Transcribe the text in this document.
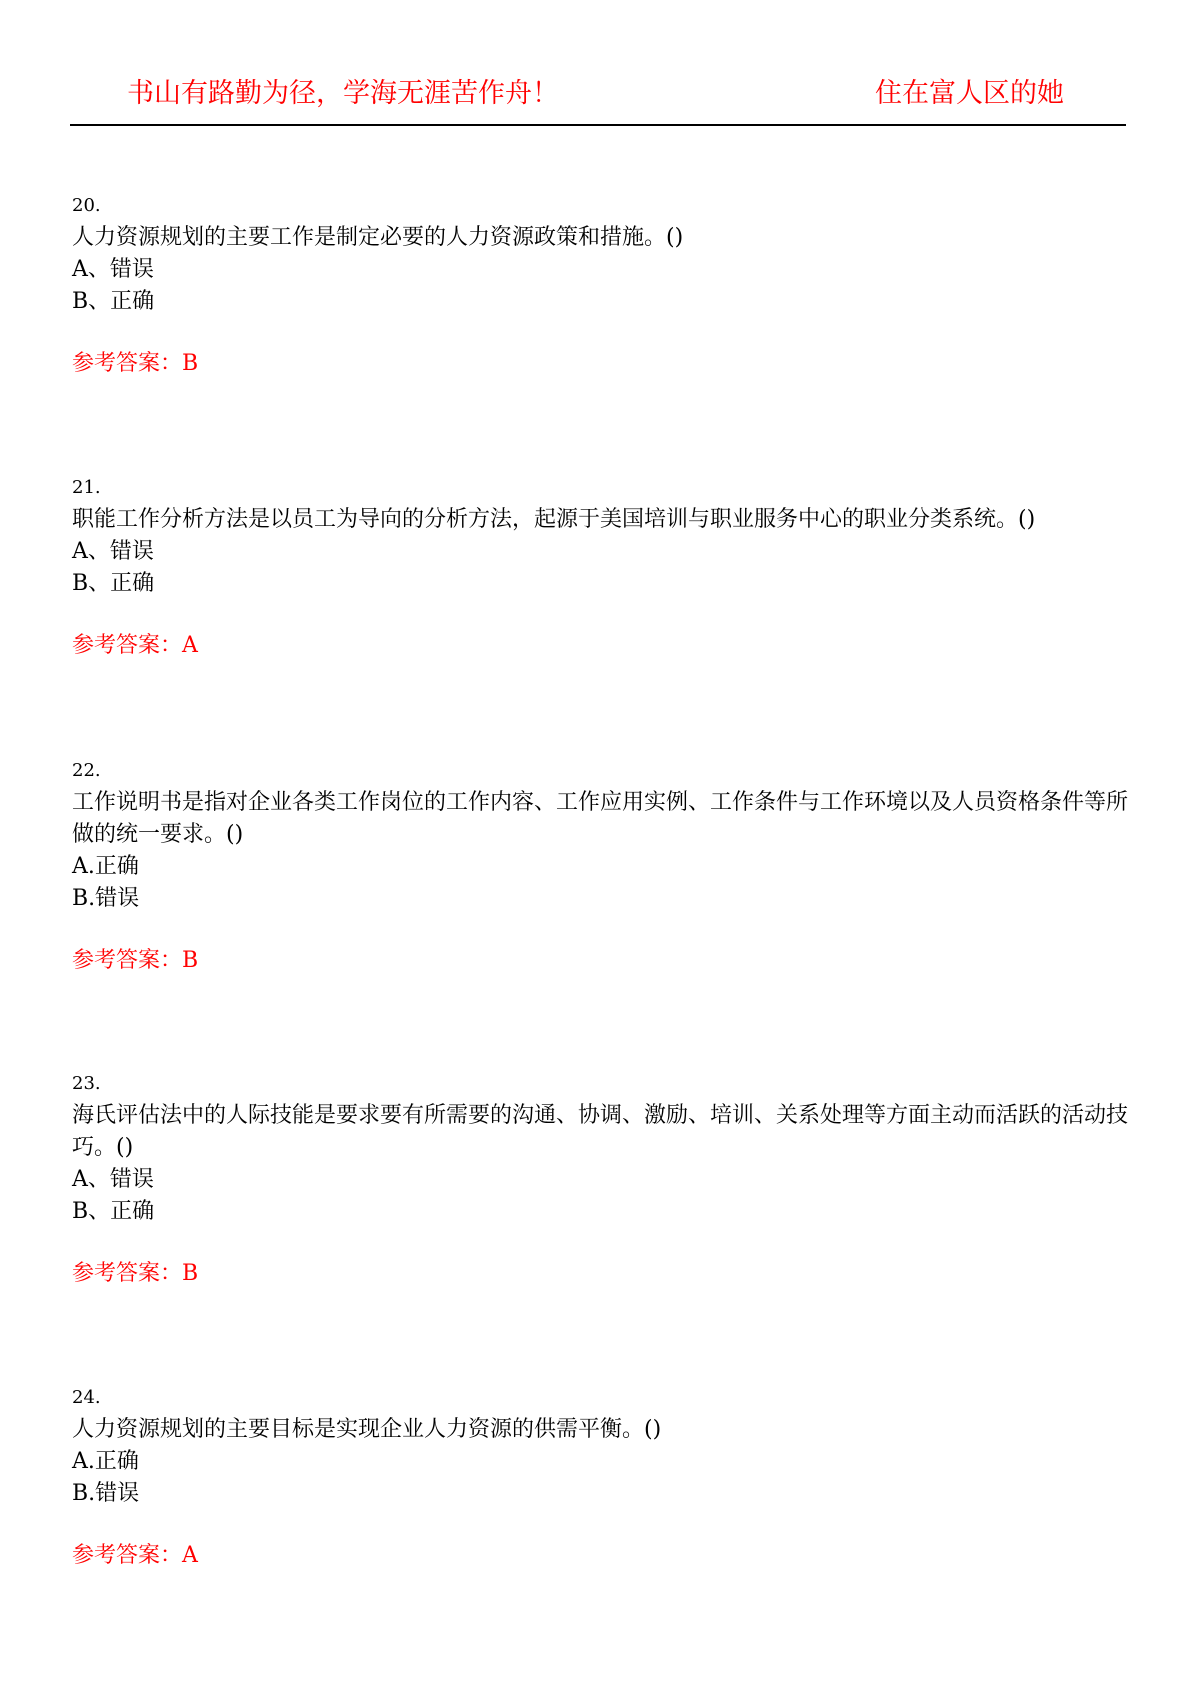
书山有路勤为径，学海无涯苦作舟！	住在富人区的她
20.
人力资源规划的主要工作是制定必要的人力资源政策和措施。()
A、错误
B、正确
参考答案：B
21.
职能工作分析方法是以员工为导向的分析方法，起源于美国培训与职业服务中心的职业分类系统。()
A、错误
B、正确
参考答案：A
22.
工作说明书是指对企业各类工作岗位的工作内容、工作应用实例、工作条件与工作环境以及人员资格条件等所做的统一要求。()
A.正确
B.错误
参考答案：B
23.
海氏评估法中的人际技能是要求要有所需要的沟通、协调、激励、培训、关系处理等方面主动而活跃的活动技巧。()
A、错误
B、正确
参考答案：B
24.
人力资源规划的主要目标是实现企业人力资源的供需平衡。()
A.正确
B.错误
参考答案：A
